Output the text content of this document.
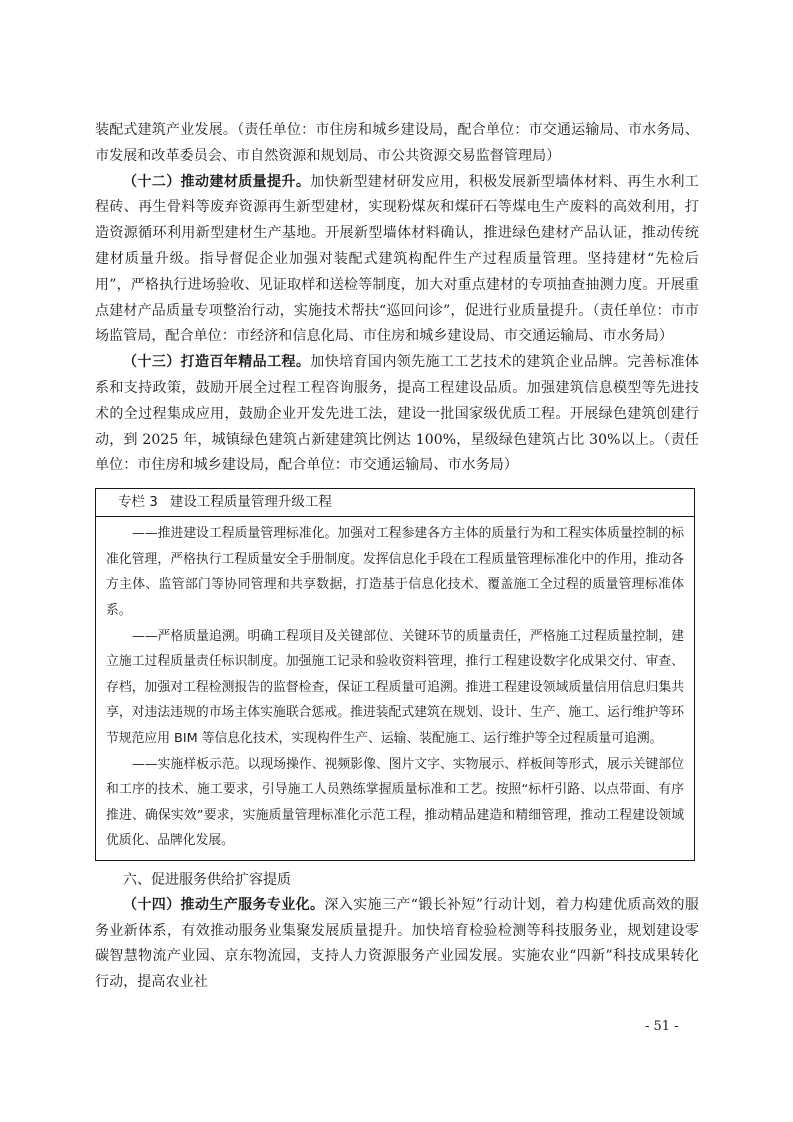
装配式建筑产业发展。（责任单位：市住房和城乡建设局，配合单位：市交通运输局、市水务局、市发展和改革委员会、市自然资源和规划局、市公共资源交易监督管理局）

（十二）推动建材质量提升。加快新型建材研发应用，积极发展新型墙体材料、再生水利工程砖、再生骨料等废弃资源再生新型建材，实现粉煤灰和煤矸石等煤电生产废料的高效利用，打造资源循环利用新型建材生产基地。开展新型墙体材料确认，推进绿色建材产品认证，推动传统建材质量升级。指导督促企业加强对装配式建筑构配件生产过程质量管理。坚持建材“先检后用”，严格执行进场验收、见证取样和送检等制度，加大对重点建材的专项抽查抽测力度。开展重点建材产品质量专项整治行动，实施技术帮扶“巡回问诊”，促进行业质量提升。（责任单位：市市场监管局，配合单位：市经济和信息化局、市住房和城乡建设局、市交通运输局、市水务局）

（十三）打造百年精品工程。加快培育国内领先施工工艺技术的建筑企业品牌。完善标准体系和支持政策，鼓励开展全过程工程咨询服务，提高工程建设品质。加强建筑信息模型等先进技术的全过程集成应用，鼓励企业开发先进工法，建设一批国家级优质工程。开展绿色建筑创建行动，到 2025 年，城镇绿色建筑占新建建筑比例达 100%，星级绿色建筑占比 30%以上。（责任单位：市住房和城乡建设局，配合单位：市交通运输局、市水务局）

专栏 3 建设工程质量管理升级工程

——推进建设工程质量管理标准化。加强对工程参建各方主体的质量行为和工程实体质量控制的标准化管理，严格执行工程质量安全手册制度。发挥信息化手段在工程质量管理标准化中的作用，推动各方主体、监管部门等协同管理和共享数据，打造基于信息化技术、覆盖施工全过程的质量管理标准体系。

——严格质量追溯。明确工程项目及关键部位、关键环节的质量责任，严格施工过程质量控制，建立施工过程质量责任标识制度。加强施工记录和验收资料管理，推行工程建设数字化成果交付、审查、存档，加强对工程检测报告的监督检查，保证工程质量可追溯。推进工程建设领域质量信用信息归集共享，对违法违规的市场主体实施联合惩戒。推进装配式建筑在规划、设计、生产、施工、运行维护等环节规范应用 BIM 等信息化技术，实现构件生产、运输、装配施工、运行维护等全过程质量可追溯。

——实施样板示范。以现场操作、视频影像、图片文字、实物展示、样板间等形式，展示关键部位和工序的技术、施工要求，引导施工人员熟练掌握质量标准和工艺。按照“标杆引路、以点带面、有序推进、确保实效”要求，实施质量管理标准化示范工程，推动精品建造和精细管理，推动工程建设领域优质化、品牌化发展。

六、促进服务供给扩容提质

（十四）推动生产服务专业化。深入实施三产“锻长补短”行动计划，着力构建优质高效的服务业新体系，有效推动服务业集聚发展质量提升。加快培育检验检测等科技服务业，规划建设零碳智慧物流产业园、京东物流园，支持人力资源服务产业园发展。实施农业“四新”科技成果转化行动，提高农业社

- 51 -
